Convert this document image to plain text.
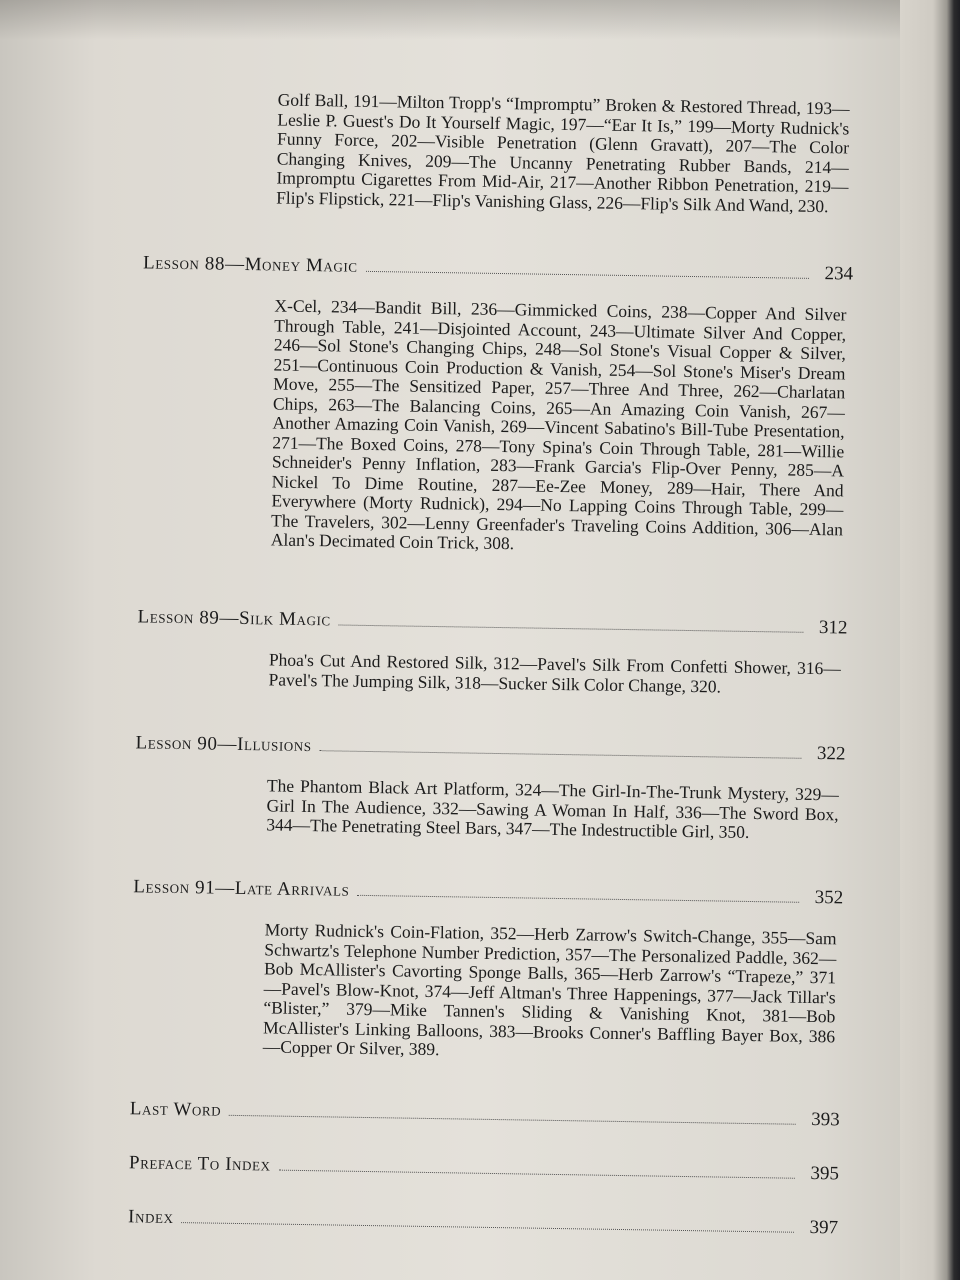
Golf Ball, 191—Milton Tropp's “Impromptu” Broken & Restored Thread, 193—Leslie P. Guest's Do It Yourself Magic, 197—“Ear It Is,” 199—Morty Rudnick's Funny Force, 202—Visible Penetration (Glenn Gravatt), 207—The Color Changing Knives, 209—The Uncanny Penetrating Rubber Bands, 214—Impromptu Cigarettes From Mid-Air, 217—Another Ribbon Penetration, 219—Flip's Flipstick, 221—Flip's Vanishing Glass, 226—Flip's Silk And Wand, 230.
Lesson 88—Money Magic	234
X-Cel, 234—Bandit Bill, 236—Gimmicked Coins, 238—Copper And Silver Through Table, 241—Disjointed Account, 243—Ultimate Silver And Copper, 246—Sol Stone's Changing Chips, 248—Sol Stone's Visual Copper & Silver, 251—Continuous Coin Production & Vanish, 254—Sol Stone's Miser's Dream Move, 255—The Sensitized Paper, 257—Three And Three, 262—Charlatan Chips, 263—The Balancing Coins, 265—An Amazing Coin Vanish, 267—Another Amazing Coin Vanish, 269—Vincent Sabatino's Bill-Tube Presentation, 271—The Boxed Coins, 278—Tony Spina's Coin Through Table, 281—Willie Schneider's Penny Inflation, 283—Frank Garcia's Flip-Over Penny, 285—A Nickel To Dime Routine, 287—Ee-Zee Money, 289—Hair, There And Everywhere (Morty Rudnick), 294—No Lapping Coins Through Table, 299—The Travelers, 302—Lenny Greenfader's Traveling Coins Addition, 306—Alan Alan's Decimated Coin Trick, 308.
Lesson 89—Silk Magic	312
Phoa's Cut And Restored Silk, 312—Pavel's Silk From Confetti Shower, 316—Pavel's The Jumping Silk, 318—Sucker Silk Color Change, 320.
Lesson 90—Illusions	322
The Phantom Black Art Platform, 324—The Girl-In-The-Trunk Mystery, 329—Girl In The Audience, 332—Sawing A Woman In Half, 336—The Sword Box, 344—The Penetrating Steel Bars, 347—The Indestructible Girl, 350.
Lesson 91—Late Arrivals	352
Morty Rudnick's Coin-Flation, 352—Herb Zarrow's Switch-Change, 355—Sam Schwartz's Telephone Number Prediction, 357—The Personalized Paddle, 362—Bob McAllister's Cavorting Sponge Balls, 365—Herb Zarrow's “Trapeze,” 371—Pavel's Blow-Knot, 374—Jeff Altman's Three Happenings, 377—Jack Tillar's “Blister,” 379—Mike Tannen's Sliding & Vanishing Knot, 381—Bob McAllister's Linking Balloons, 383—Brooks Conner's Baffling Bayer Box, 386—Copper Or Silver, 389.
Last Word	393
Preface To Index	395
Index	397
